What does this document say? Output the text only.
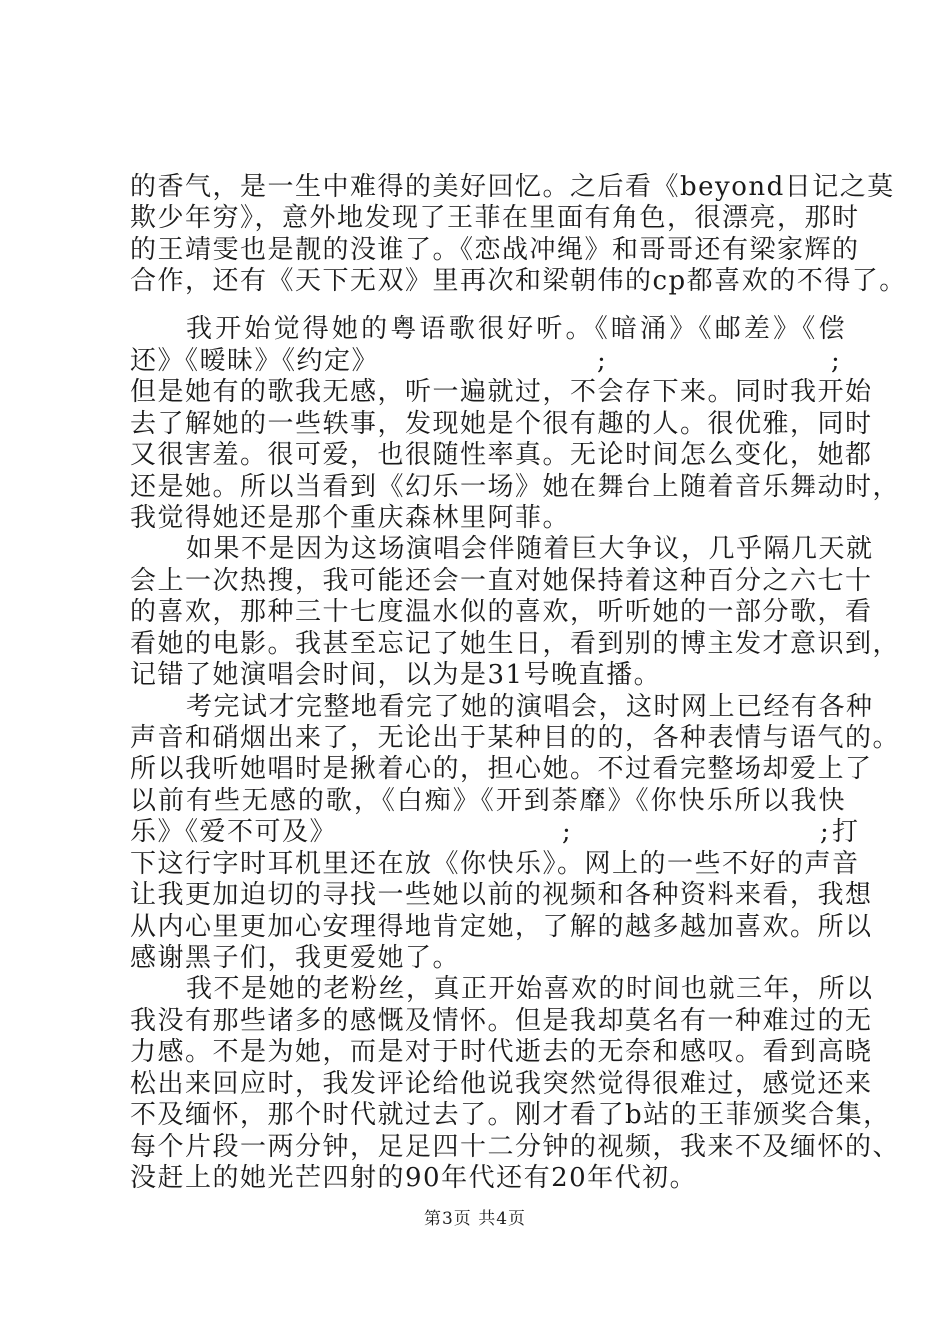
的香气，是一生中难得的美好回忆。之后看《beyond日记之莫
欺少年穷》，意外地发现了王菲在里面有角色，很漂亮，那时
的王靖雯也是靓的没谁了。《恋战冲绳》和哥哥还有梁家辉的
合作，还有《天下无双》里再次和梁朝伟的cp都喜欢的不得了。
我开始觉得她的粤语歌很好听。《暗涌》《邮差》《偿
还》《暧昧》《约定》	;	;
但是她有的歌我无感，听一遍就过，不会存下来。同时我开始
去了解她的一些轶事，发现她是个很有趣的人。很优雅，同时
又很害羞。很可爱，也很随性率真。无论时间怎么变化，她都
还是她。所以当看到《幻乐一场》她在舞台上随着音乐舞动时，
我觉得她还是那个重庆森林里阿菲。
如果不是因为这场演唱会伴随着巨大争议，几乎隔几天就
会上一次热搜，我可能还会一直对她保持着这种百分之六七十
的喜欢，那种三十七度温水似的喜欢，听听她的一部分歌，看
看她的电影。我甚至忘记了她生日，看到别的博主发才意识到，
记错了她演唱会时间，以为是31号晚直播。
考完试才完整地看完了她的演唱会，这时网上已经有各种
声音和硝烟出来了，无论出于某种目的的，各种表情与语气的。
所以我听她唱时是揪着心的，担心她。不过看完整场却爱上了
以前有些无感的歌，《白痴》《开到荼靡》《你快乐所以我快
乐》《爱不可及》	;	; 打
下这行字时耳机里还在放《你快乐》。网上的一些不好的声音
让我更加迫切的寻找一些她以前的视频和各种资料来看，我想
从内心里更加心安理得地肯定她，了解的越多越加喜欢。所以
感谢黑子们，我更爱她了。
我不是她的老粉丝，真正开始喜欢的时间也就三年，所以
我没有那些诸多的感慨及情怀。但是我却莫名有一种难过的无
力感。不是为她，而是对于时代逝去的无奈和感叹。看到高晓
松出来回应时，我发评论给他说我突然觉得很难过，感觉还来
不及缅怀，那个时代就过去了。刚才看了b站的王菲颁奖合集，
每个片段一两分钟，足足四十二分钟的视频，我来不及缅怀的、
没赶上的她光芒四射的90年代还有20年代初。
第3页 共4页
